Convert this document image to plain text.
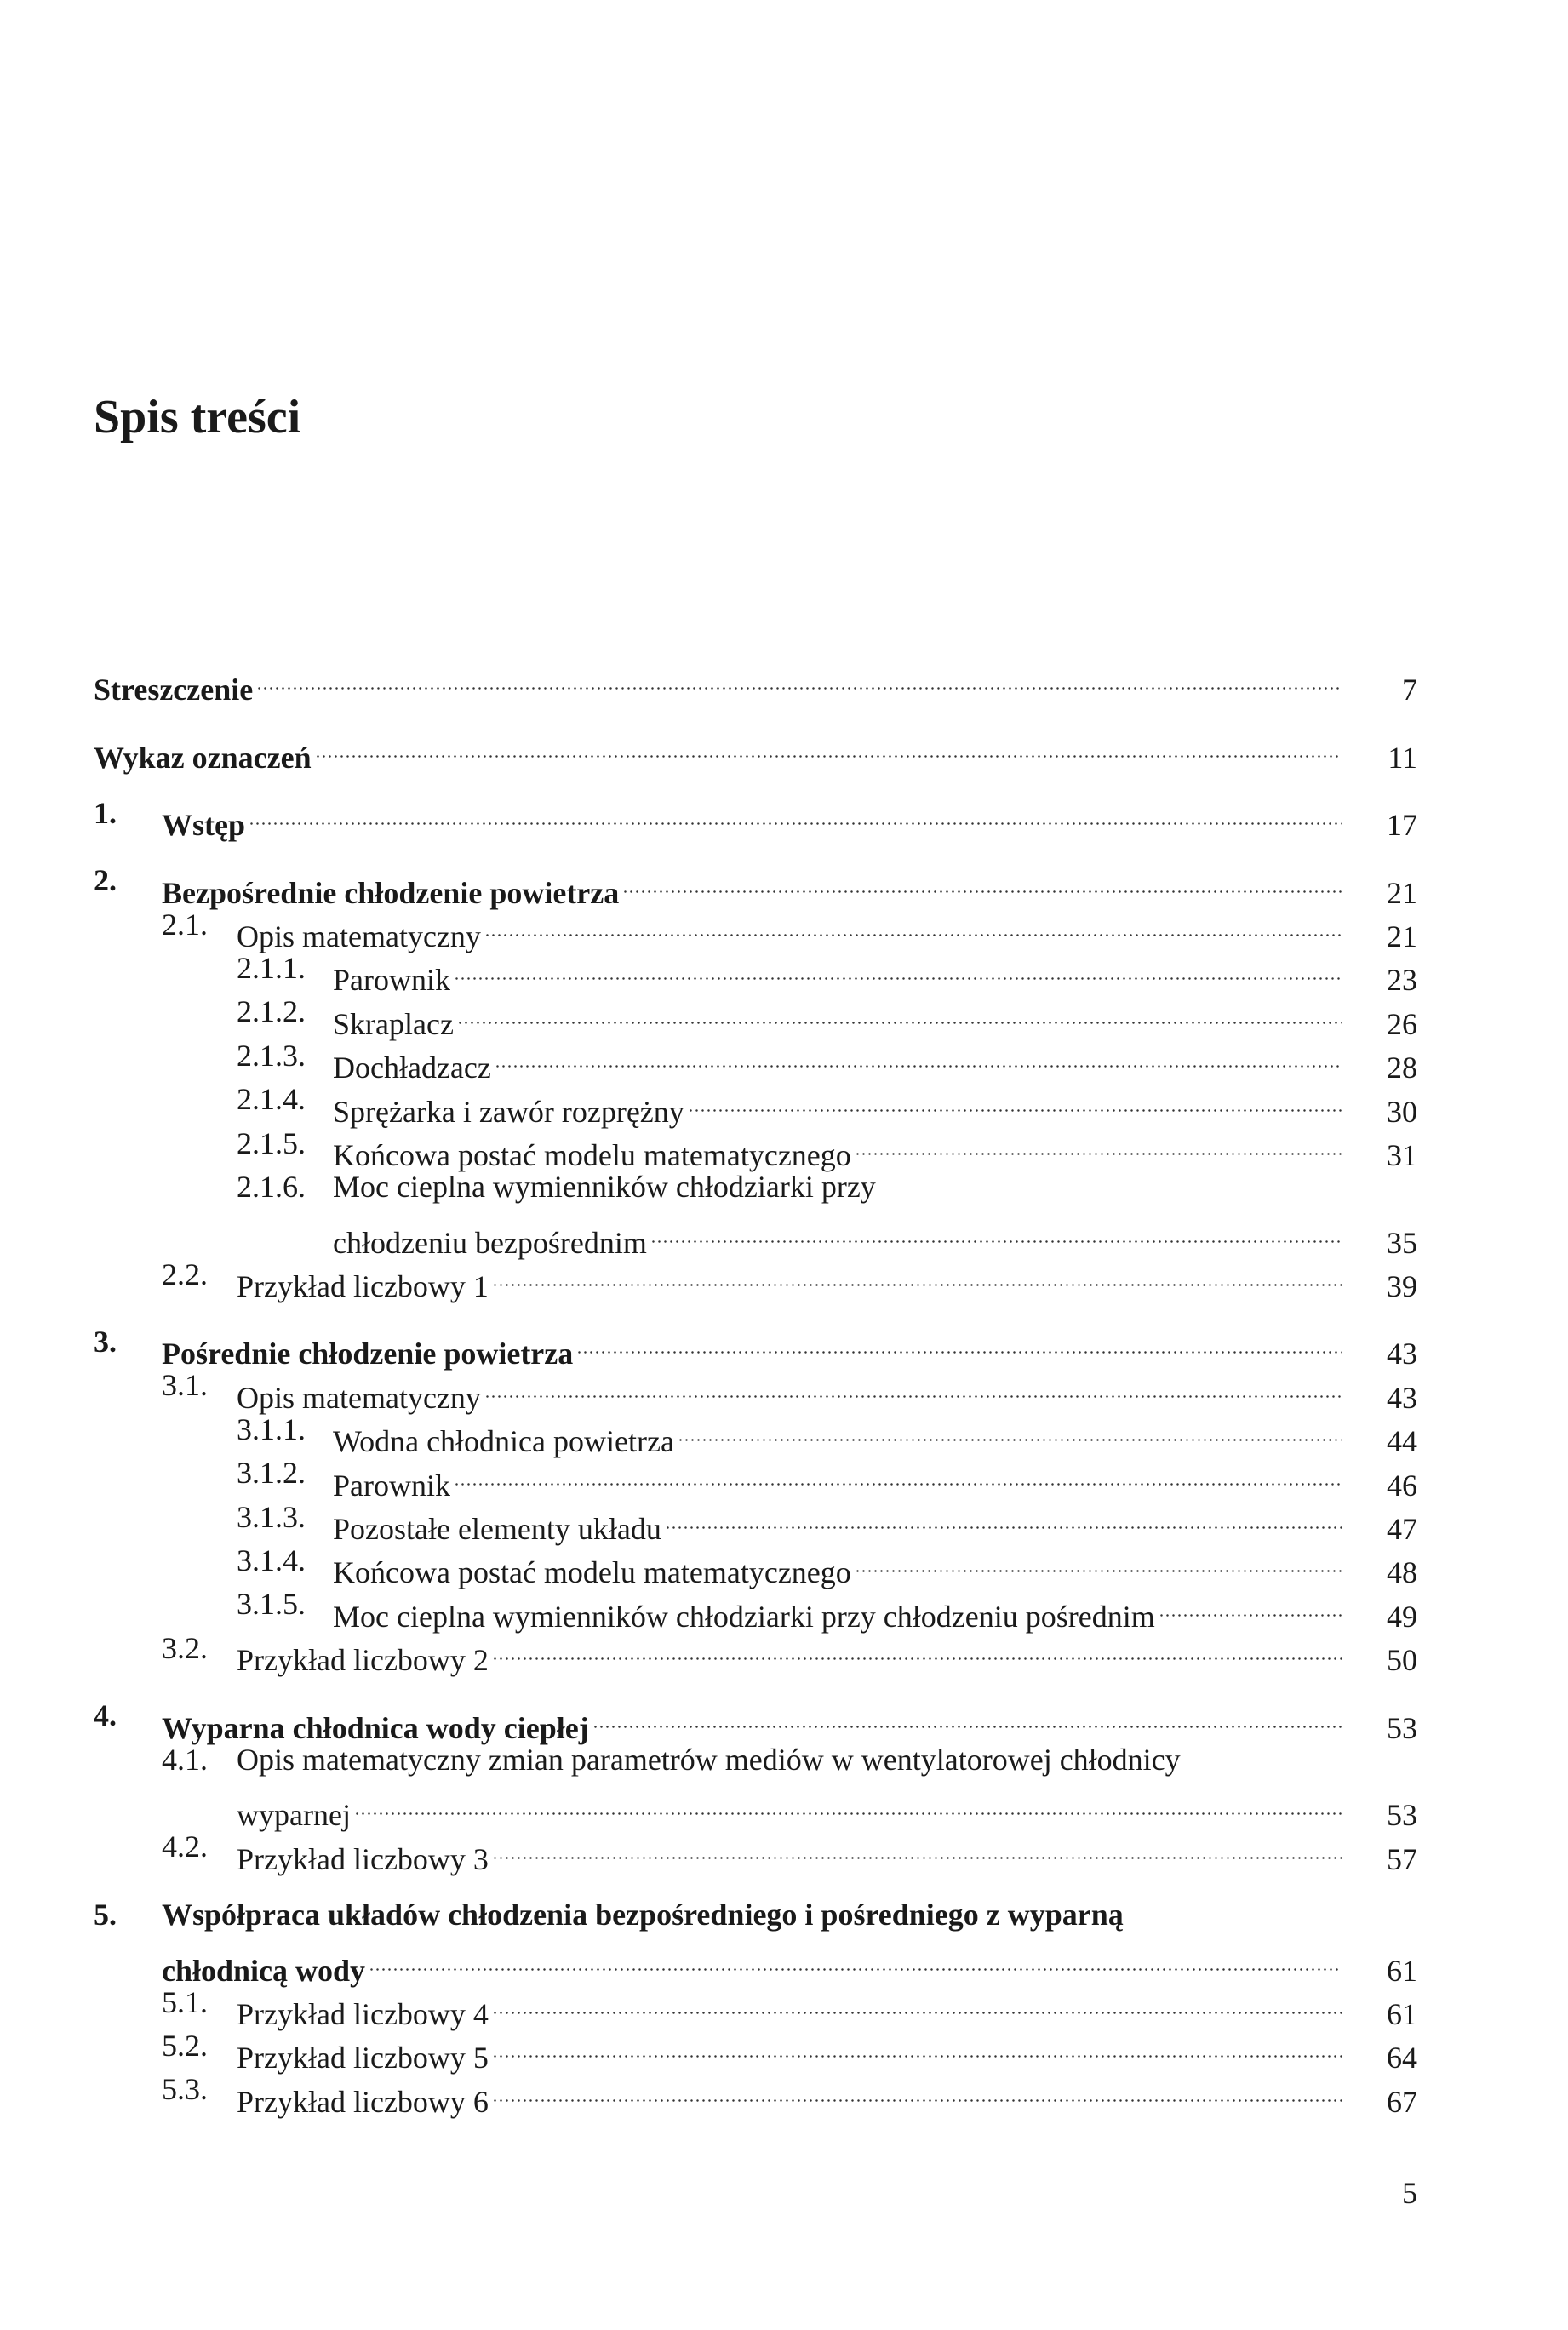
Spis treści
Streszczenie	7
Wykaz oznaczeń	11
1. Wstęp	17
2. Bezpośrednie chłodzenie powietrza	21
2.1. Opis matematyczny	21
2.1.1. Parownik	23
2.1.2. Skraplacz	26
2.1.3. Dochładzacz	28
2.1.4. Sprężarka i zawór rozprężny	30
2.1.5. Końcowa postać modelu matematycznego	31
2.1.6. Moc cieplna wymienników chłodziarki przy
chłodzeniu bezpośrednim	35
2.2. Przykład liczbowy 1	39
3. Pośrednie chłodzenie powietrza	43
3.1. Opis matematyczny	43
3.1.1. Wodna chłodnica powietrza	44
3.1.2. Parownik	46
3.1.3. Pozostałe elementy układu	47
3.1.4. Końcowa postać modelu matematycznego	48
3.1.5. Moc cieplna wymienników chłodziarki przy chłodzeniu pośrednim	49
3.2. Przykład liczbowy 2	50
4. Wyparna chłodnica wody ciepłej	53
4.1. Opis matematyczny zmian parametrów mediów w wentylatorowej chłodnicy
wyparnej	53
4.2. Przykład liczbowy 3	57
5. Współpraca układów chłodzenia bezpośredniego i pośredniego z wyparną
chłodnicą wody	61
5.1. Przykład liczbowy 4	61
5.2. Przykład liczbowy 5	64
5.3. Przykład liczbowy 6	67
5
